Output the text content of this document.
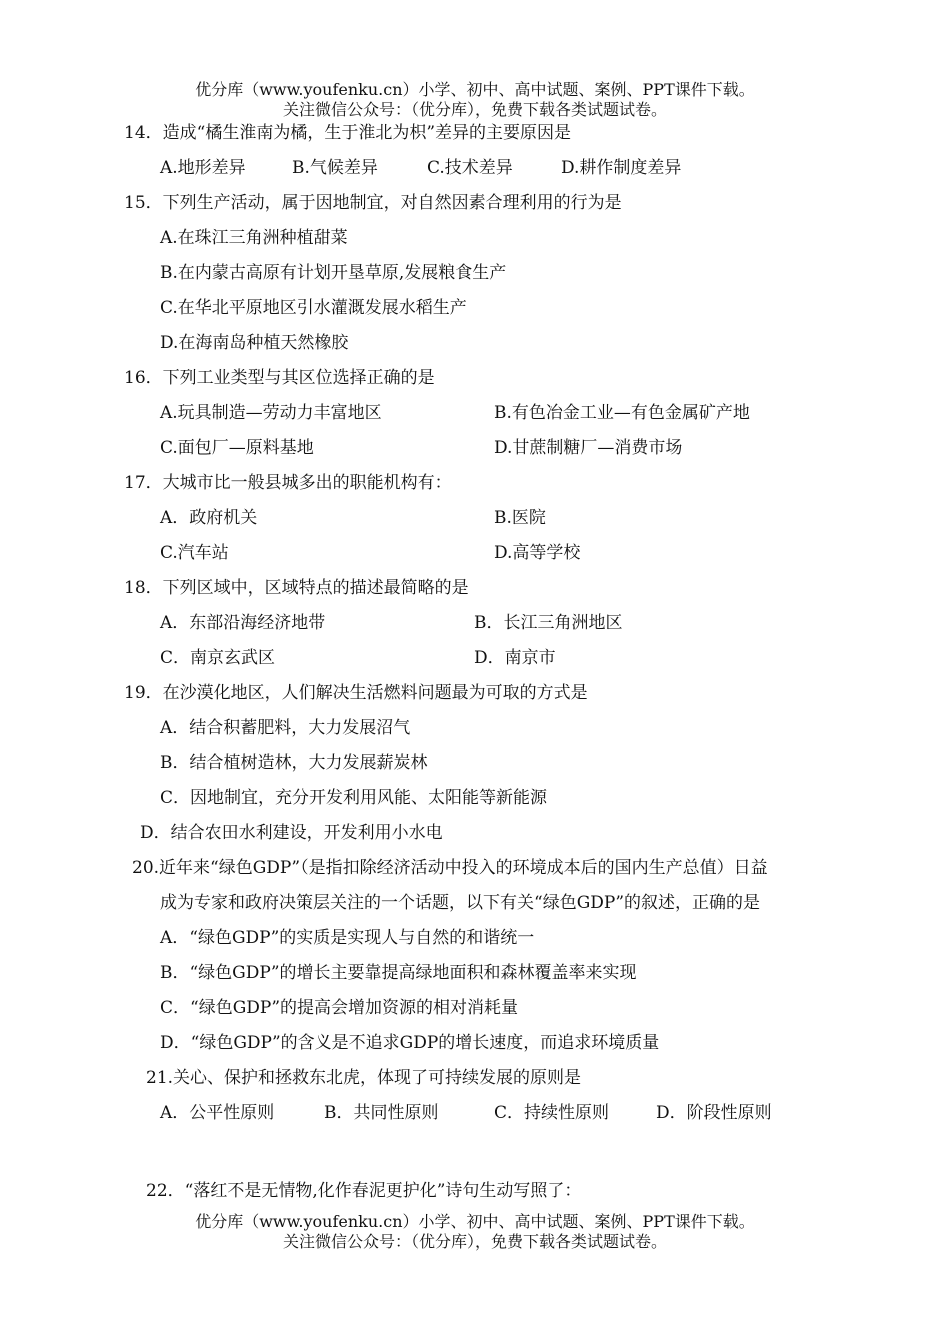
优分库（www.youfenku.cn）小学、初中、高中试题、案例、PPT课件下载。
关注微信公众号：（优分库），免费下载各类试题试卷。
14．造成“橘生淮南为橘，生于淮北为枳”差异的主要原因是
A.地形差异	B.气候差异	C.技术差异	D.耕作制度差异
15．下列生产活动，属于因地制宜，对自然因素合理利用的行为是
A.在珠江三角洲种植甜菜
B.在内蒙古高原有计划开垦草原,发展粮食生产
C.在华北平原地区引水灌溉发展水稻生产
D.在海南岛种植天然橡胶
16．下列工业类型与其区位选择正确的是
A.玩具制造—劳动力丰富地区	B.有色冶金工业—有色金属矿产地
C.面包厂—原料基地	D.甘蔗制糖厂—消费市场
17．大城市比一般县城多出的职能机构有：
A．政府机关	B.医院
C.汽车站	D.高等学校
18．下列区域中，区域特点的描述最简略的是
A．东部沿海经济地带	B．长江三角洲地区
C．南京玄武区	D．南京市
19．在沙漠化地区，人们解决生活燃料问题最为可取的方式是
A．结合积蓄肥料，大力发展沼气
B．结合植树造林，大力发展薪炭林
C．因地制宜，充分开发利用风能、太阳能等新能源
D．结合农田水利建设，开发利用小水电
20.近年来“绿色GDP”（是指扣除经济活动中投入的环境成本后的国内生产总值）日益
成为专家和政府决策层关注的一个话题，以下有关“绿色GDP”的叙述，正确的是
A．“绿色GDP”的实质是实现人与自然的和谐统一
B．“绿色GDP”的增长主要靠提高绿地面积和森林覆盖率来实现
C．“绿色GDP”的提高会增加资源的相对消耗量
D．“绿色GDP”的含义是不追求GDP的增长速度，而追求环境质量
21.关心、保护和拯救东北虎，体现了可持续发展的原则是
A．公平性原则	B．共同性原则	C．持续性原则	D．阶段性原则
22．“落红不是无情物,化作春泥更护化”诗句生动写照了：
优分库（www.youfenku.cn）小学、初中、高中试题、案例、PPT课件下载。
关注微信公众号：（优分库），免费下载各类试题试卷。
